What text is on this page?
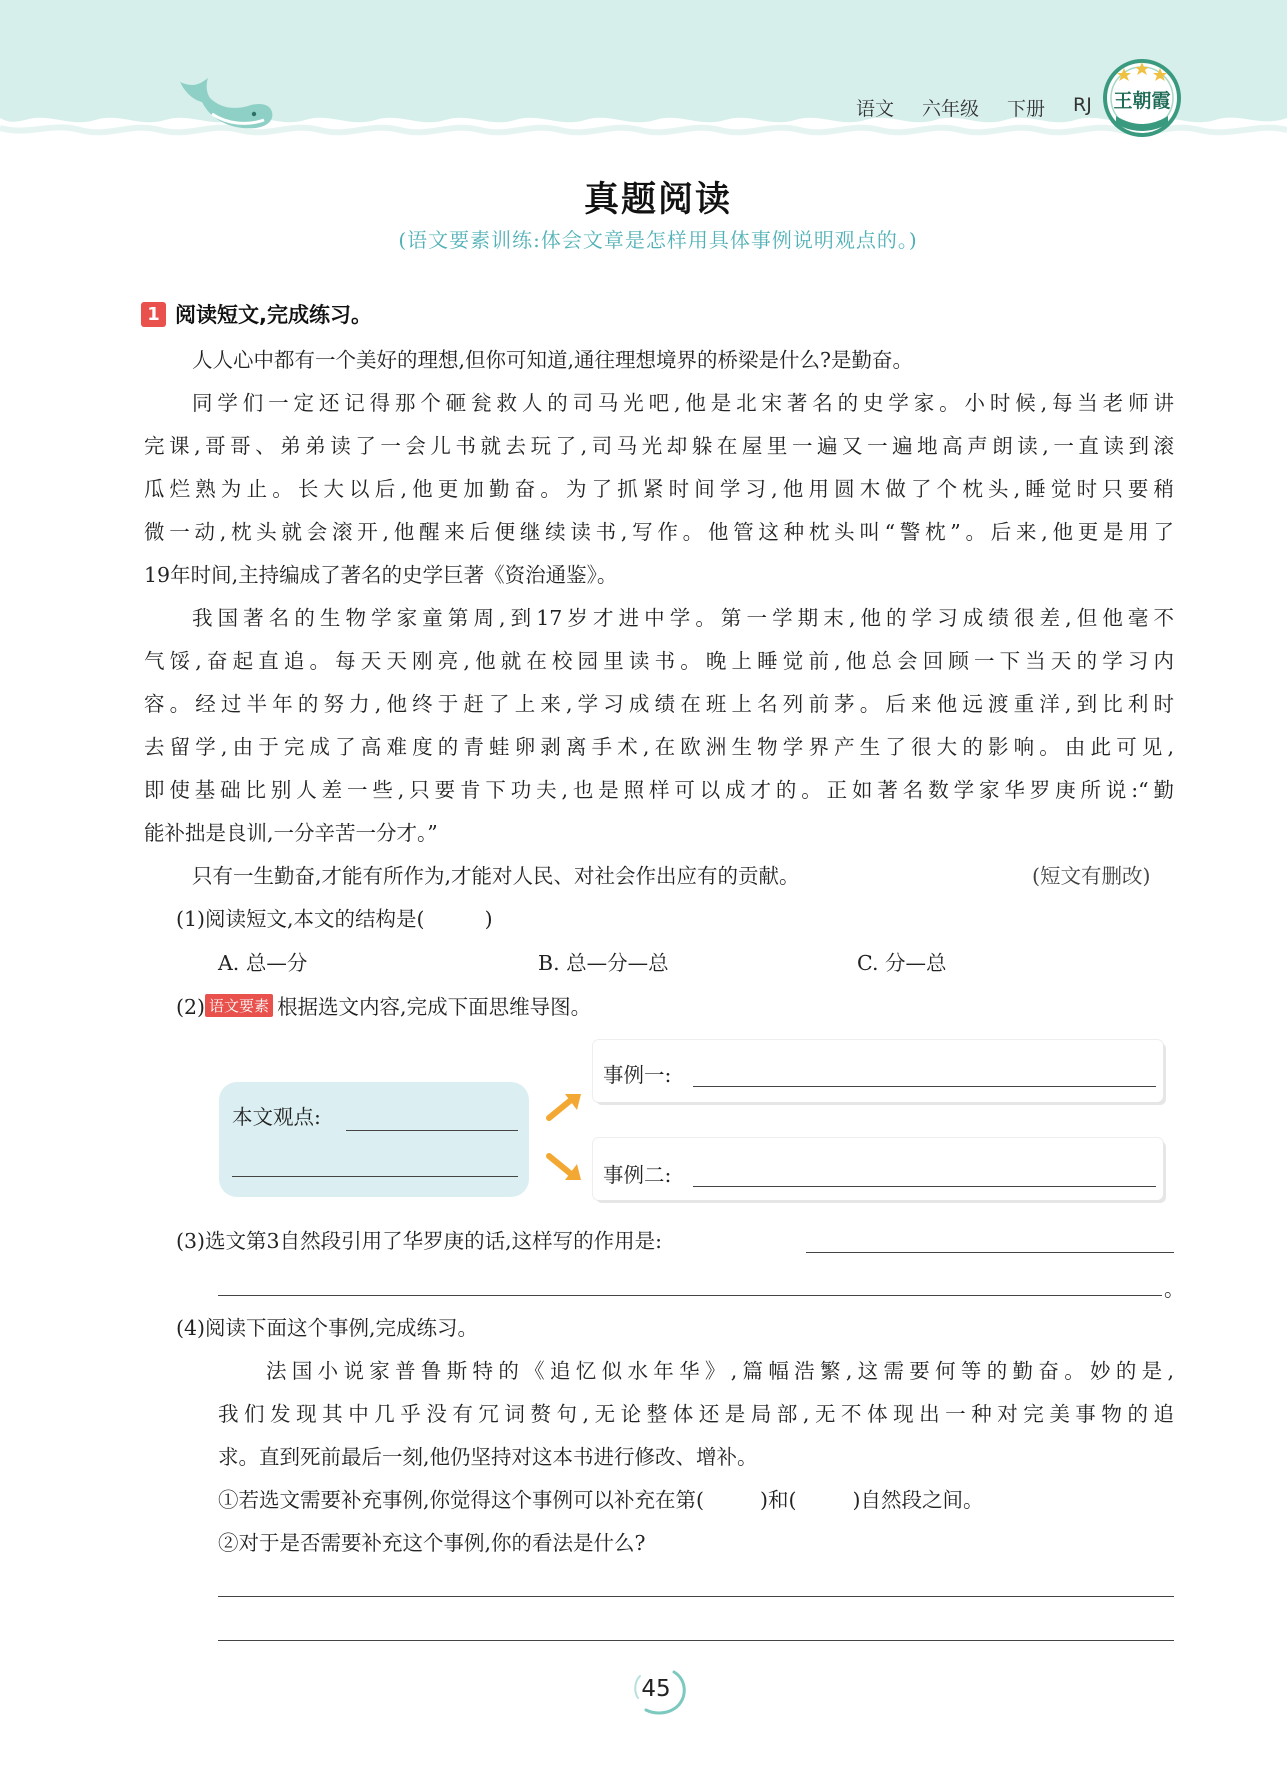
语文 六年级 下册 RJ	王朝霞
真题阅读
(语文要素训练:体会文章是怎样用具体事例说明观点的。)
1 阅读短文,完成练习。
人人心中都有一个美好的理想,但你可知道,通往理想境界的桥梁是什么?是勤奋。
同学们一定还记得那个砸瓮救人的司马光吧,他是北宋著名的史学家。小时候,每当老师讲
完课,哥哥、弟弟读了一会儿书就去玩了,司马光却躲在屋里一遍又一遍地高声朗读,一直读到滚
瓜烂熟为止。长大以后,他更加勤奋。为了抓紧时间学习,他用圆木做了个枕头,睡觉时只要稍
微一动,枕头就会滚开,他醒来后便继续读书,写作。他管这种枕头叫“警枕”。后来,他更是用了
19年时间,主持编成了著名的史学巨著《资治通鉴》。
我国著名的生物学家童第周,到17岁才进中学。第一学期末,他的学习成绩很差,但他毫不
气馁,奋起直追。每天天刚亮,他就在校园里读书。晚上睡觉前,他总会回顾一下当天的学习内
容。经过半年的努力,他终于赶了上来,学习成绩在班上名列前茅。后来他远渡重洋,到比利时
去留学,由于完成了高难度的青蛙卵剥离手术,在欧洲生物学界产生了很大的影响。由此可见,
即使基础比别人差一些,只要肯下功夫,也是照样可以成才的。正如著名数学家华罗庚所说:“勤
能补拙是良训,一分辛苦一分才。”
只有一生勤奋,才能有所作为,才能对人民、对社会作出应有的贡献。	(短文有删改)
(1)阅读短文,本文的结构是(	)
A. 总—分	B. 总—分—总	C. 分—总
(2) 语文要素 根据选文内容,完成下面思维导图。
本文观点:
事例一:
事例二:
(3)选文第3自然段引用了华罗庚的话,这样写的作用是:
。
(4)阅读下面这个事例,完成练习。
法国小说家普鲁斯特的《追忆似水年华》,篇幅浩繁,这需要何等的勤奋。妙的是,
我们发现其中几乎没有冗词赘句,无论整体还是局部,无不体现出一种对完美事物的追
求。直到死前最后一刻,他仍坚持对这本书进行修改、增补。
①若选文需要补充事例,你觉得这个事例可以补充在第(	)和(	)自然段之间。
②对于是否需要补充这个事例,你的看法是什么?
45
